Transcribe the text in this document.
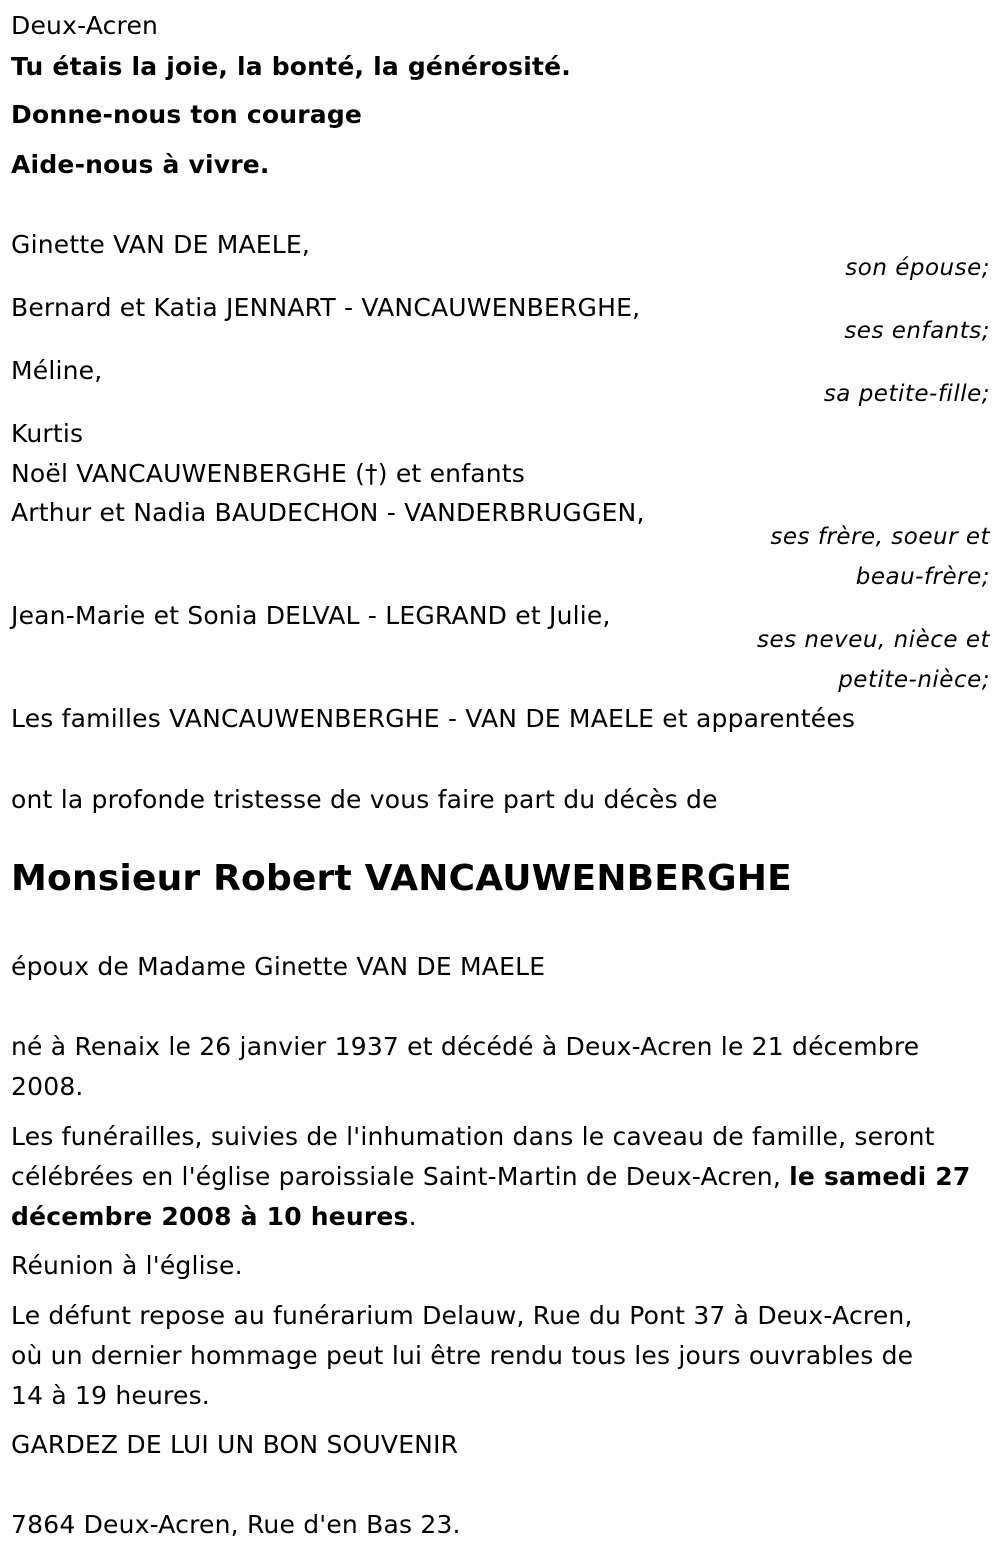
Deux-Acren
Tu étais la joie, la bonté, la générosité.
Donne-nous ton courage
Aide-nous à vivre.
Ginette VAN DE MAELE,
son épouse;
Bernard et Katia JENNART - VANCAUWENBERGHE,
ses enfants;
Méline,
sa petite-fille;
Kurtis
Noël VANCAUWENBERGHE (†) et enfants
Arthur et Nadia BAUDECHON - VANDERBRUGGEN,
ses frère, soeur et
beau-frère;
Jean-Marie et Sonia DELVAL - LEGRAND et Julie,
ses neveu, nièce et
petite-nièce;
Les familles VANCAUWENBERGHE - VAN DE MAELE et apparentées
ont la profonde tristesse de vous faire part du décès de
Monsieur Robert VANCAUWENBERGHE
époux de Madame Ginette VAN DE MAELE
né à Renaix le 26 janvier 1937 et décédé à Deux-Acren le 21 décembre
2008.
Les funérailles, suivies de l'inhumation dans le caveau de famille, seront
célébrées en l'église paroissiale Saint-Martin de Deux-Acren, le samedi 27
décembre 2008 à 10 heures.
Réunion à l'église.
Le défunt repose au funérarium Delauw, Rue du Pont 37 à Deux-Acren,
où un dernier hommage peut lui être rendu tous les jours ouvrables de
14 à 19 heures.
GARDEZ DE LUI UN BON SOUVENIR
7864 Deux-Acren, Rue d'en Bas 23.
